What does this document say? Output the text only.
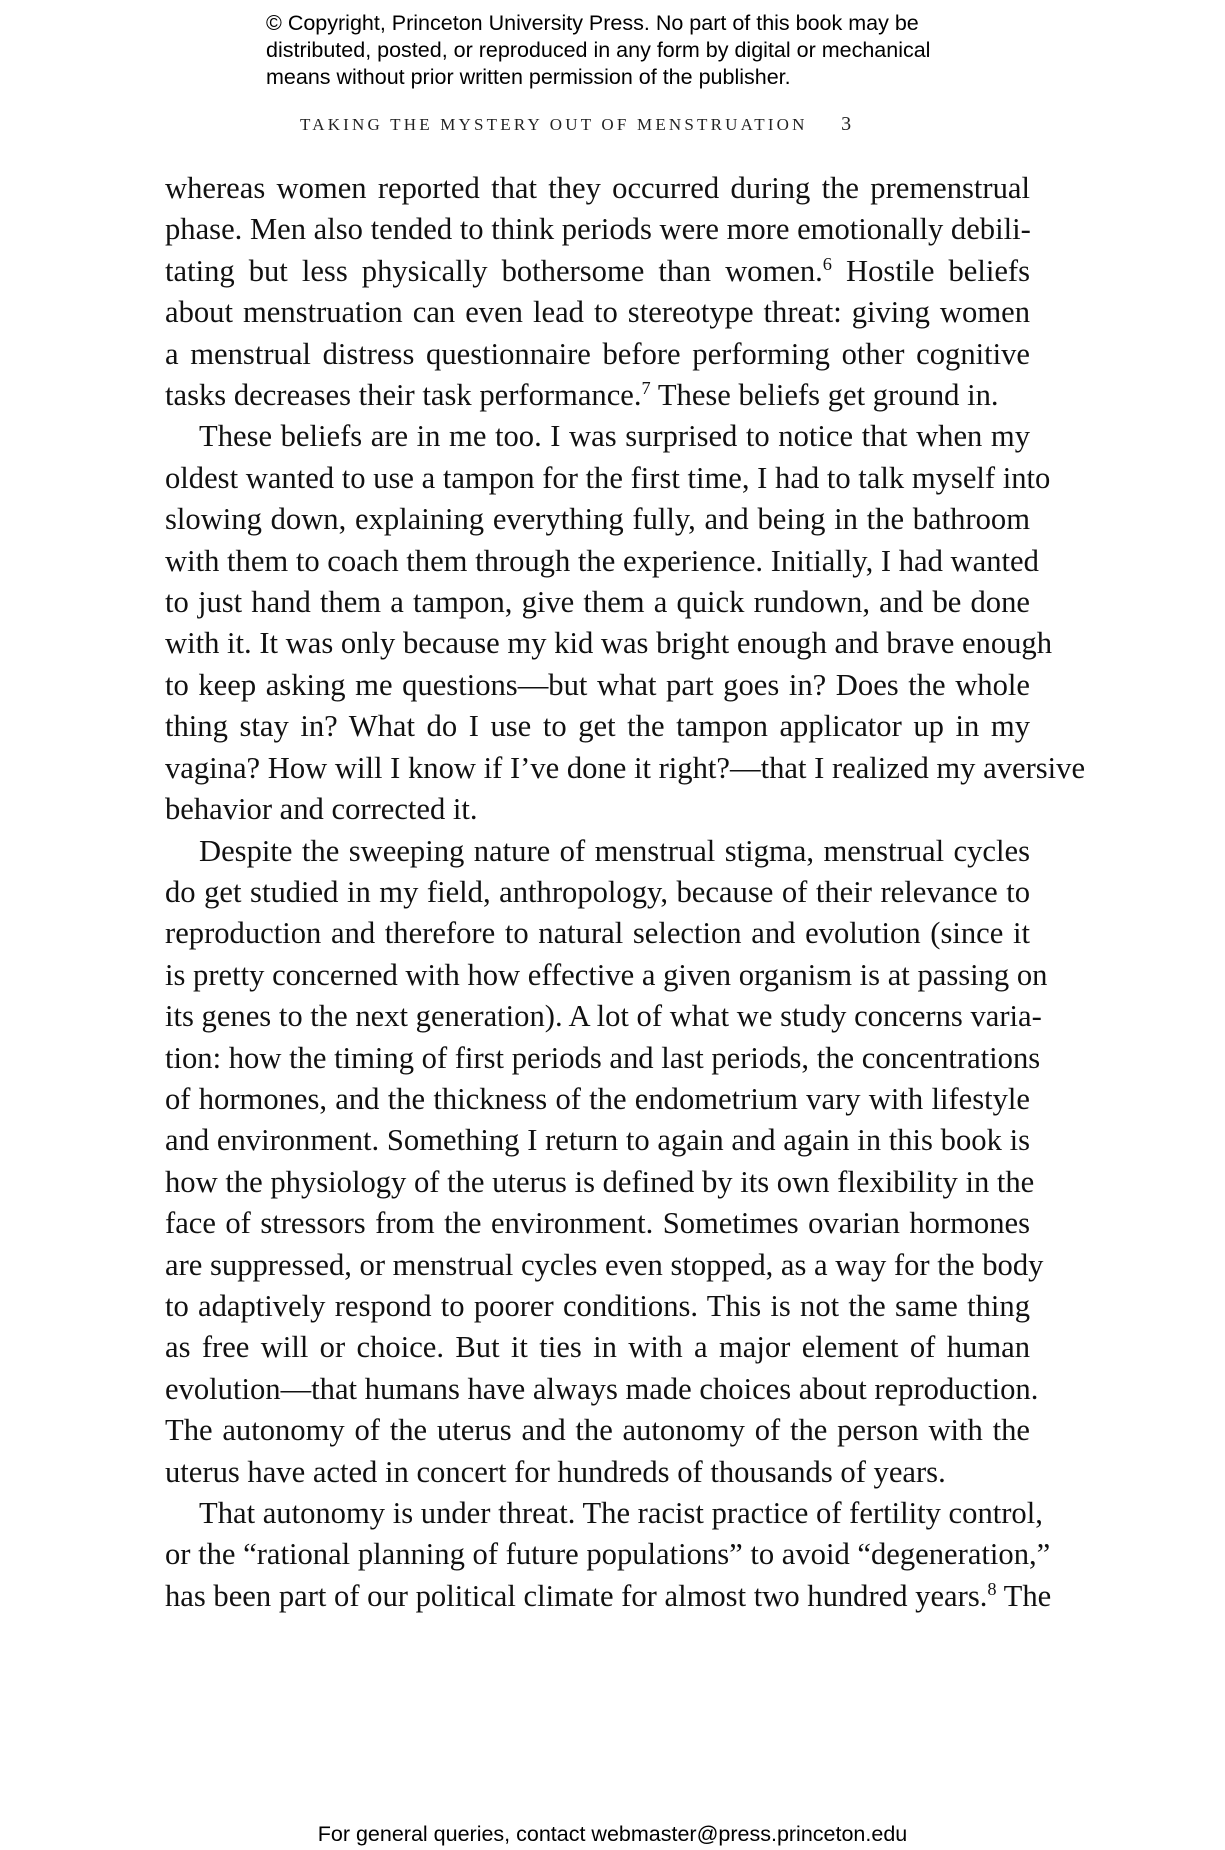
© Copyright, Princeton University Press. No part of this book may be
distributed, posted, or reproduced in any form by digital or mechanical
means without prior written permission of the publisher.
TAKING THE MYSTERY OUT OF MENSTRUATION 3

whereas women reported that they occurred during the premenstrual
phase. Men also tended to think periods were more emotionally debili-
tating but less physically bothersome than women.$^6$ Hostile beliefs
about menstruation can even lead to stereotype threat: giving women
a menstrual distress questionnaire before performing other cognitive
tasks decreases their task performance.$^7$ These beliefs get ground in.

These beliefs are in me too. I was surprised to notice that when my
oldest wanted to use a tampon for the first time, I had to talk myself into
slowing down, explaining everything fully, and being in the bathroom
with them to coach them through the experience. Initially, I had wanted
to just hand them a tampon, give them a quick rundown, and be done
with it. It was only because my kid was bright enough and brave enough
to keep asking me questions—but what part goes in? Does the whole
thing stay in? What do I use to get the tampon applicator up in my
vagina? How will I know if I’ve done it right?—that I realized my aversive
behavior and corrected it.

Despite the sweeping nature of menstrual stigma, menstrual cycles
do get studied in my field, anthropology, because of their relevance to
reproduction and therefore to natural selection and evolution (since it
is pretty concerned with how effective a given organism is at passing on
its genes to the next generation). A lot of what we study concerns varia-
tion: how the timing of first periods and last periods, the concentrations
of hormones, and the thickness of the endometrium vary with lifestyle
and environment. Something I return to again and again in this book is
how the physiology of the uterus is defined by its own flexibility in the
face of stressors from the environment. Sometimes ovarian hormones
are suppressed, or menstrual cycles even stopped, as a way for the body
to adaptively respond to poorer conditions. This is not the same thing
as free will or choice. But it ties in with a major element of human
evolution—that humans have always made choices about reproduction.
The autonomy of the uterus and the autonomy of the person with the
uterus have acted in concert for hundreds of thousands of years.

That autonomy is under threat. The racist practice of fertility control,
or the “rational planning of future populations” to avoid “degeneration,”
has been part of our political climate for almost two hundred years.$^8$ The

For general queries, contact webmaster@press.princeton.edu
